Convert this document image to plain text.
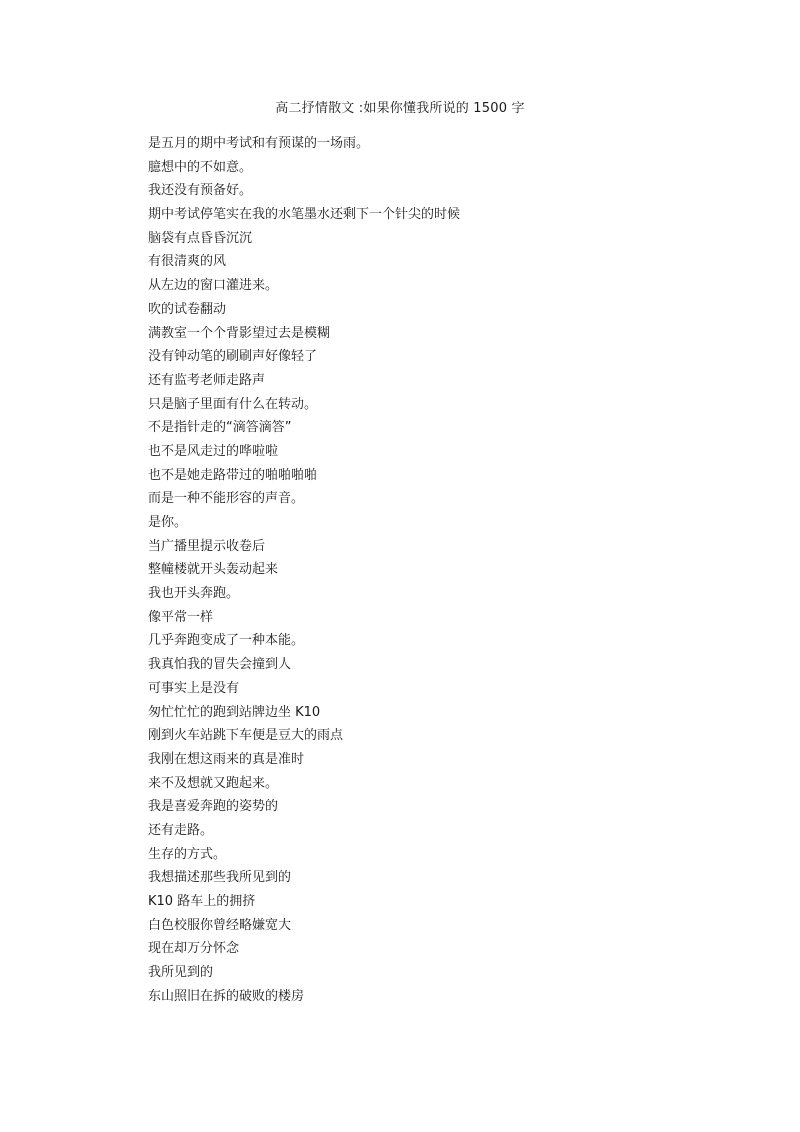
高二抒情散文 :如果你懂我所说的 1500 字
是五月的期中考试和有预谋的一场雨。
臆想中的不如意。
我还没有预备好。
期中考试停笔实在我的水笔墨水还剩下一个针尖的时候
脑袋有点昏昏沉沉
有很清爽的风
从左边的窗口灌进来。
吹的试卷翻动
满教室一个个背影望过去是模糊
没有钟动笔的刷刷声好像轻了
还有监考老师走路声
只是脑子里面有什么在转动。
不是指针走的“滴答滴答”
也不是风走过的哗啦啦
也不是她走路带过的啪啪啪啪
而是一种不能形容的声音。
是你。
当广播里提示收卷后
整幢楼就开头轰动起来
我也开头奔跑。
像平常一样
几乎奔跑变成了一种本能。
我真怕我的冒失会撞到人
可事实上是没有
匆忙忙忙的跑到站牌边坐 K10
刚到火车站跳下车便是豆大的雨点
我刚在想这雨来的真是准时
来不及想就又跑起来。
我是喜爱奔跑的姿势的
还有走路。
生存的方式。
我想描述那些我所见到的
K10 路车上的拥挤
白色校服你曾经略嫌宽大
现在却万分怀念
我所见到的
东山照旧在拆的破败的楼房
